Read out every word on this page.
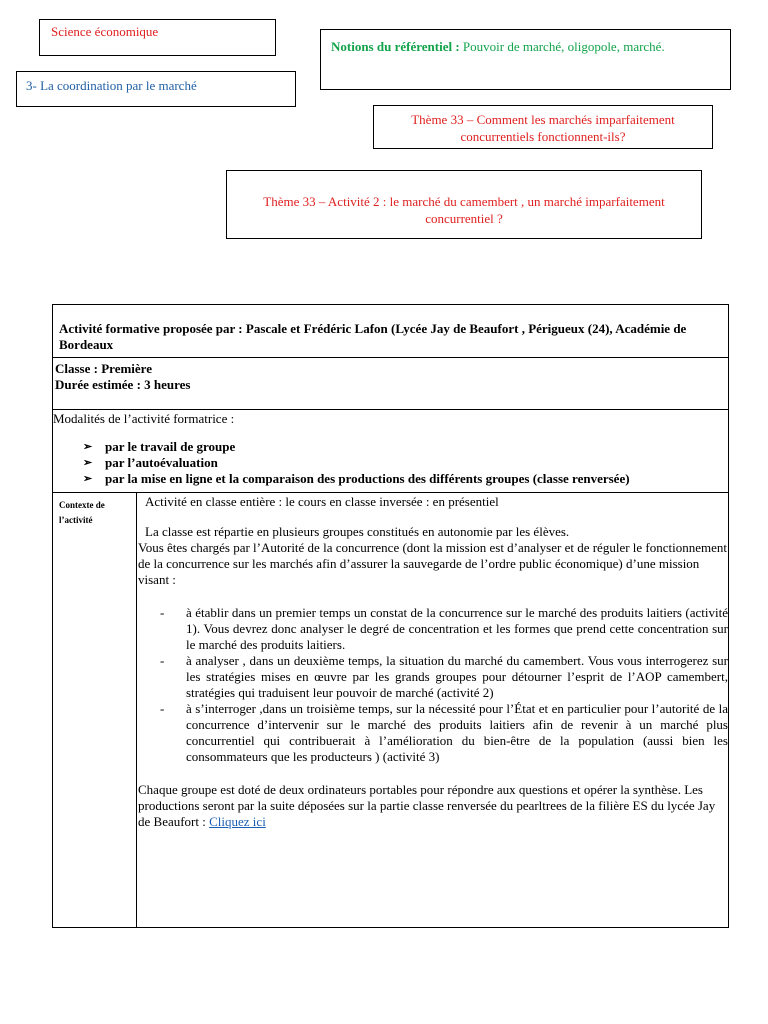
Science économique
3- La coordination par le marché
Notions du référentiel : Pouvoir de marché, oligopole, marché.
Thème 33 – Comment les marchés imparfaitement concurrentiels fonctionnent-ils?
Thème 33 – Activité 2 : le marché du camembert , un marché imparfaitement concurrentiel ?
Activité formative proposée par : Pascale et Frédéric Lafon (Lycée Jay de Beaufort , Périgueux (24), Académie de Bordeaux
Classe : Première
Durée estimée : 3 heures
Modalités de l’activité formatrice :
➢ par le travail de groupe
➢ par l’autoévaluation
➢ par la mise en ligne et la comparaison des productions des différents groupes (classe renversée)
Contexte de l’activité
Activité en classe entière : le cours en classe inversée : en présentiel
La classe est répartie en plusieurs groupes constitués en autonomie par les élèves.
Vous êtes chargés par l’Autorité de la concurrence (dont la mission est d’analyser et de réguler le fonctionnement de la concurrence sur les marchés afin d’assurer la sauvegarde de l’ordre public économique) d’une mission visant :
- à établir dans un premier temps un constat de la concurrence sur le marché des produits laitiers (activité 1). Vous devrez donc analyser le degré de concentration et les formes que prend cette concentration sur le marché des produits laitiers.
- à analyser , dans un deuxième temps, la situation du marché du camembert. Vous vous interrogerez sur les stratégies mises en œuvre par les grands groupes pour détourner l’esprit de l’AOP camembert, stratégies qui traduisent leur pouvoir de marché (activité 2)
- à s’interroger ,dans un troisième temps, sur la nécessité pour l’État et en particulier pour l’autorité de la concurrence d’intervenir sur le marché des produits laitiers afin de revenir à un marché plus concurrentiel qui contribuerait à l’amélioration du bien-être de la population (aussi bien les consommateurs que les producteurs ) (activité 3)
Chaque groupe est doté de deux ordinateurs portables pour répondre aux questions et opérer la synthèse. Les productions seront par la suite déposées sur la partie classe renversée du pearltrees de la filière ES du lycée Jay de Beaufort : Cliquez ici
